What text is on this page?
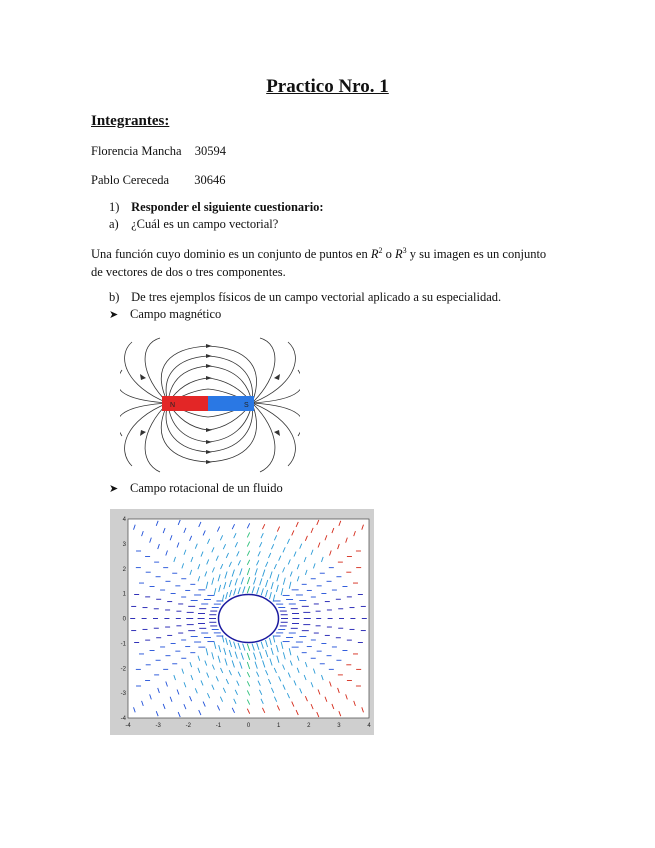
Practico Nro. 1
Integrantes:
Florencia Mancha 30594
Pablo Cereceda 30646
1) Responder el siguiente cuestionario:
a) ¿Cuál es un campo vectorial?
Una función cuyo dominio es un conjunto de puntos en $R^2$ o $R^3$ y su imagen es un conjunto de vectores de dos o tres componentes.
b) De tres ejemplos físicos de un campo vectorial aplicado a su especialidad.
➤ Campo magnético
N	S
➤ Campo rotacional de un fluido
-4	-3	-2	-1	0	1	2	3	4
4
3
2
1
0
-1
-2
-3
-4
